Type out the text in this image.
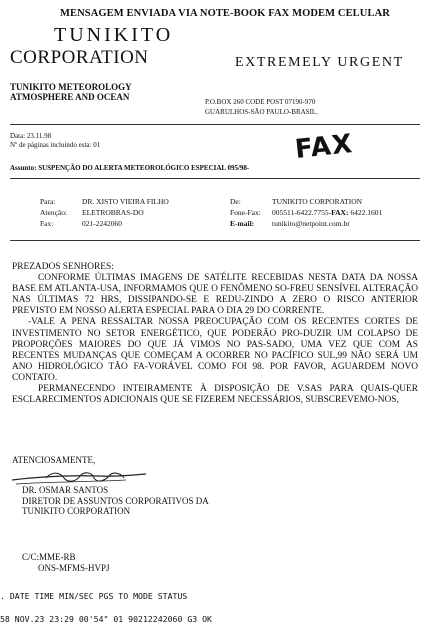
MENSAGEM ENVIADA VIA NOTE-BOOK FAX MODEM CELULAR
TUNIKITO
CORPORATION	EXTREMELY URGENT
TUNIKITO METEOROLOGY
ATMOSPHERE AND OCEAN	P.O.BOX 260 CODE POST 07190-970
GUARULHOS-SÃO PAULO-BRASIL.
Data: 23.11.98
Nº de páginas incluindo esta: 01	FAX
Assunto: SUSPENÇÃO DO ALERTA METEOROLÓGICO ESPECIAL 095/98-
Para:	DR. XISTO VIEIRA FILHO
Atenção: ELETROBRAS-DO
Fax:	021-2242060
De:	TUNIKITO CORPORATION
Fone-Fax: 005511-6422.7755-FAX: 6422.1601
E-mail: tunikito@netpoint.com.br

PREZADOS SENHORES:

CONFORME ÚLTIMAS IMAGENS DE SATÉLITE RECEBIDAS NESTA DATA DA NOSSA BASE EM ATLANTA-USA, INFORMAMOS QUE O FENÔMENO SO-FREU SENSÍVEL ALTERAÇÃO NAS ÚLTIMAS 72 HRS, DISSIPANDO-SE E REDU-ZINDO A ZERO O RISCO ANTERIOR PREVISTO EM NOSSO ALERTA ESPECIAL PARA O DIA 29 DO CORRENTE.

-VALE A PENA RESSALTAR NOSSA PREOCUPAÇÃO COM OS RECENTES CORTES DE INVESTIMENTO NO SETOR ENERGÉTICO, QUE PODERÃO PRO-DUZIR UM COLAPSO DE PROPORÇÕES MAIORES DO QUE JÁ VIMOS NO PAS-SADO, UMA VEZ QUE COM AS RECENTES MUDANÇAS QUE COMEÇAM A OCORRER NO PACÍFICO SUL,99 NÃO SERÁ UM ANO HIDROLÓGICO TÃO FA-VORÁVEL COMO FOI 98. POR FAVOR, AGUARDEM NOVO CONTATO.

PERMANECENDO INTEIRAMENTE À DISPOSIÇÃO DE V.SAS PARA QUAIS-QUER ESCLARECIMENTOS ADICIONAIS QUE SE FIZEREM NECESSÁRIOS, SUBSCREVEMO-NOS,

ATENCIOSAMENTE,
DR. OSMAR SANTOS
DIRETOR DE ASSUNTOS CORPORATIVOS DA
TUNIKITO CORPORATION
C/C:MME-RB
ONS-MFMS-HVPJ
. DATE TIME MIN/SEC PGS TO MODE STATUS
58 NOV.23 23:29 00'54" 01 90212242060 G3 OK
